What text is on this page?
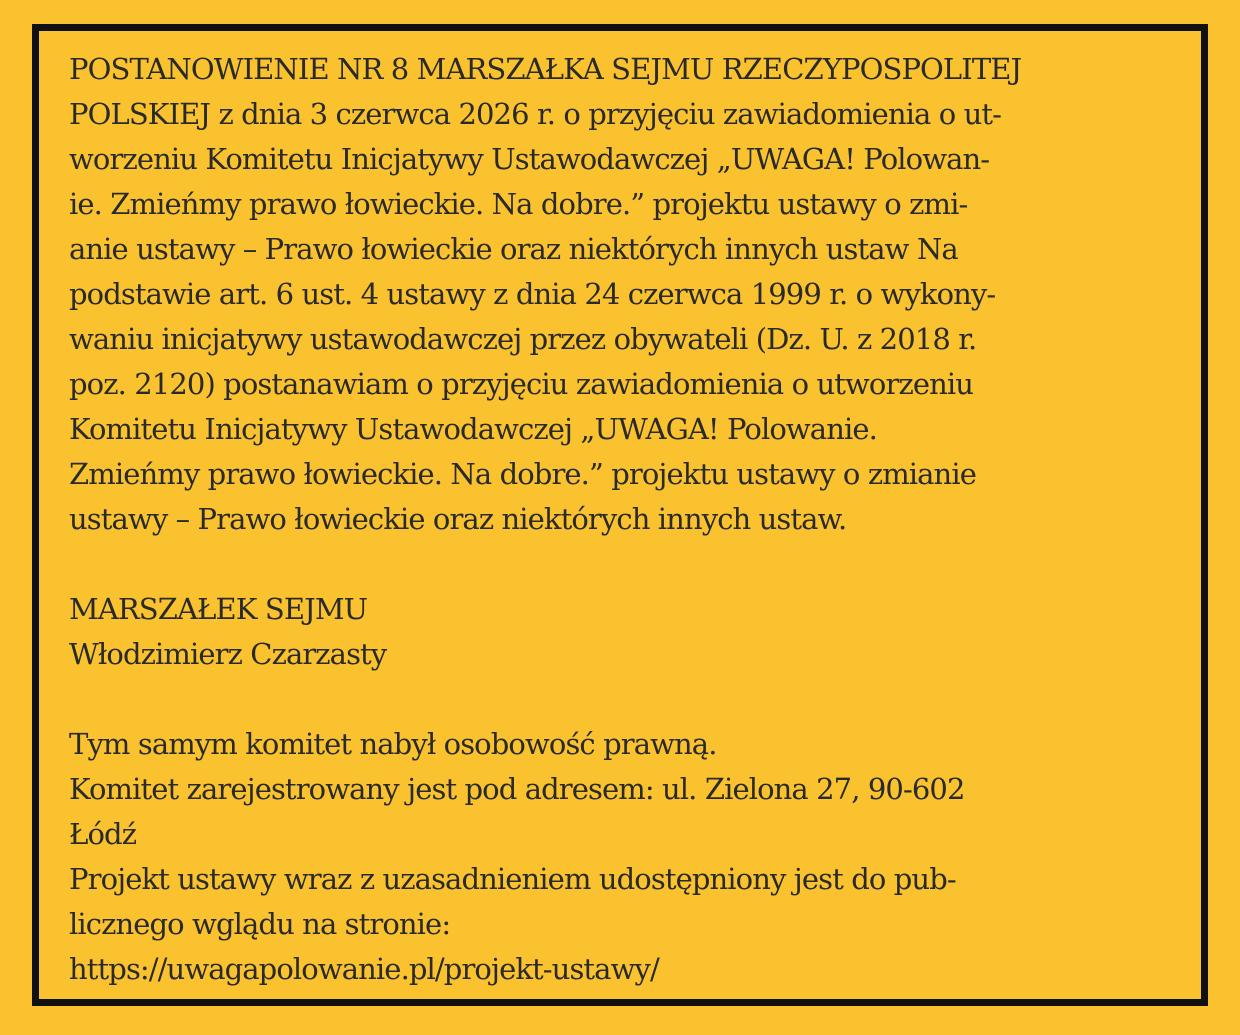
POSTANOWIENIE NR 8 MARSZAŁKA SEJMU RZECZYPOSPOLITEJ
POLSKIEJ z dnia 3 czerwca 2026 r. o przyjęciu zawiadomienia o ut-
worzeniu Komitetu Inicjatywy Ustawodawczej „UWAGA! Polowan-
ie. Zmieńmy prawo łowieckie. Na dobre.” projektu ustawy o zmi-
anie ustawy – Prawo łowieckie oraz niektórych innych ustaw Na
podstawie art. 6 ust. 4 ustawy z dnia 24 czerwca 1999 r. o wykony-
waniu inicjatywy ustawodawczej przez obywateli (Dz. U. z 2018 r.
poz. 2120) postanawiam o przyjęciu zawiadomienia o utworzeniu
Komitetu Inicjatywy Ustawodawczej „UWAGA! Polowanie.
Zmieńmy prawo łowieckie. Na dobre.” projektu ustawy o zmianie
ustawy – Prawo łowieckie oraz niektórych innych ustaw.
MARSZAŁEK SEJMU
Włodzimierz Czarzasty
Tym samym komitet nabył osobowość prawną.
Komitet zarejestrowany jest pod adresem: ul. Zielona 27, 90-602
Łódź
Projekt ustawy wraz z uzasadnieniem udostępniony jest do pub-
licznego wglądu na stronie:
https://uwagapolowanie.pl/projekt-ustawy/
